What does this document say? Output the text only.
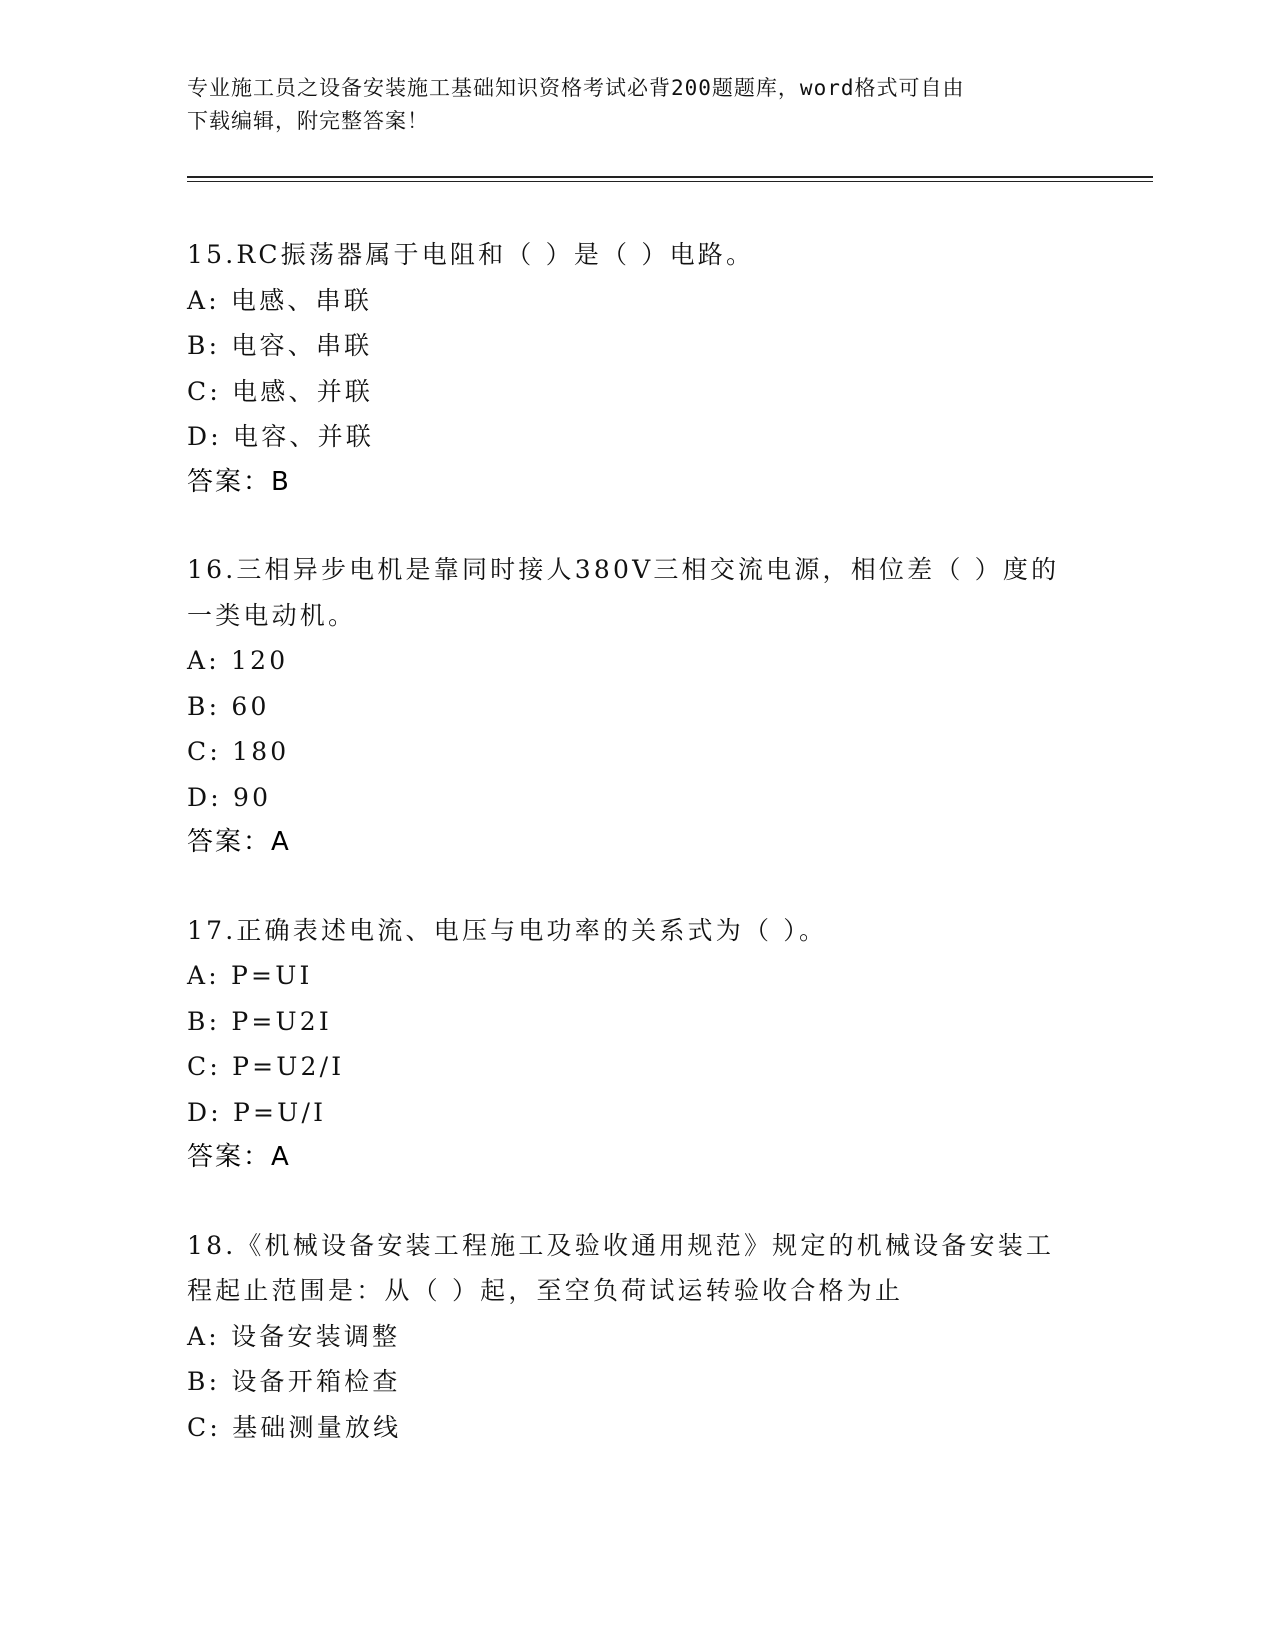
专业施工员之设备安装施工基础知识资格考试必背200题题库，word格式可自由
下载编辑，附完整答案！
15.RC振荡器属于电阻和（ ）是（ ）电路。
A: 电感、串联
B: 电容、串联
C: 电感、并联
D: 电容、并联
答案：B
16.三相异步电机是靠同时接人380V三相交流电源，相位差（ ）度的
一类电动机。
A: 120
B: 60
C: 180
D: 90
答案：A
17.正确表述电流、电压与电功率的关系式为（ ）。
A: P=UI
B: P=U2I
C: P=U2/I
D: P=U/I
答案：A
18.《机械设备安装工程施工及验收通用规范》规定的机械设备安装工
程起止范围是：从（ ）起，至空负荷试运转验收合格为止
A: 设备安装调整
B: 设备开箱检查
C: 基础测量放线
